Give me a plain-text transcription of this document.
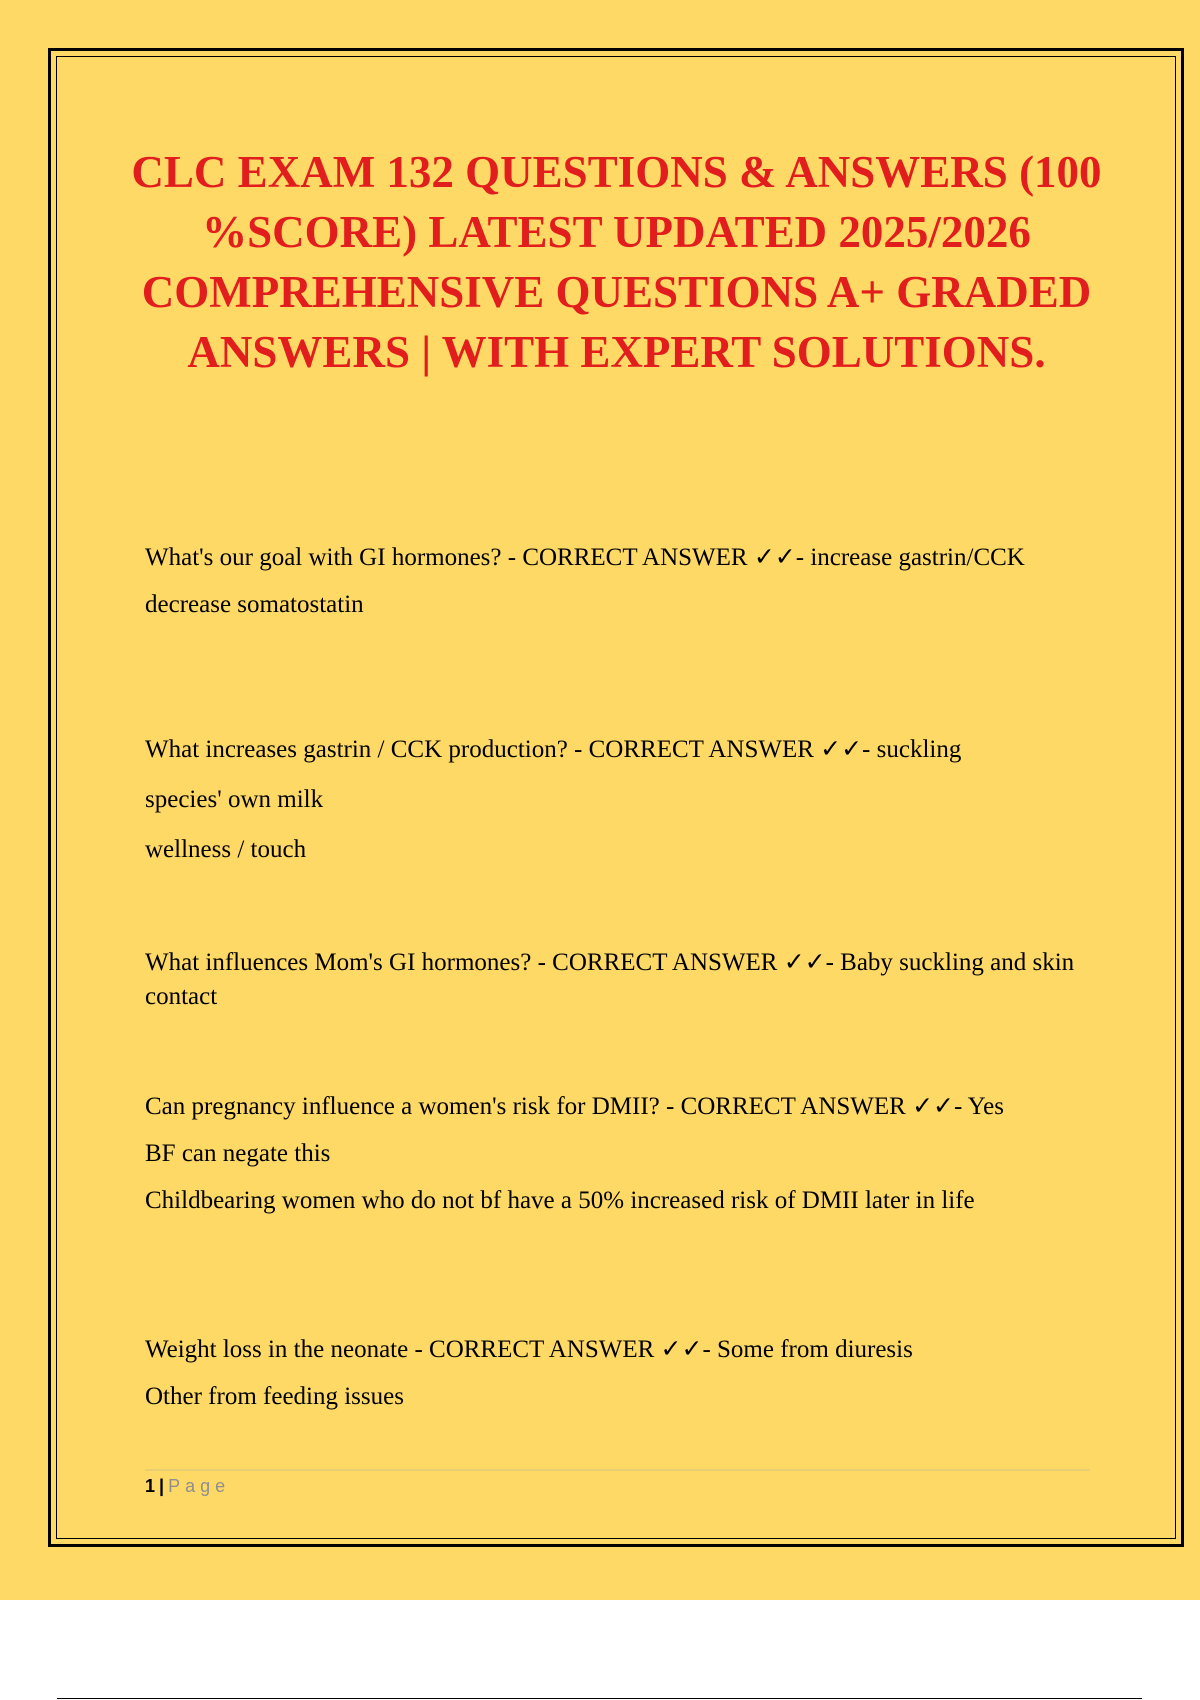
CLC EXAM 132 QUESTIONS & ANSWERS (100 %SCORE) LATEST UPDATED 2025/2026 COMPREHENSIVE QUESTIONS A+ GRADED ANSWERS | WITH EXPERT SOLUTIONS.

What's our goal with GI hormones? - CORRECT ANSWER ✓✓- increase gastrin/CCK

decrease somatostatin

What increases gastrin / CCK production? - CORRECT ANSWER ✓✓- suckling

species' own milk

wellness / touch

What influences Mom's GI hormones? - CORRECT ANSWER ✓✓- Baby suckling and skin contact

Can pregnancy influence a women's risk for DMII? - CORRECT ANSWER ✓✓- Yes

BF can negate this

Childbearing women who do not bf have a 50% increased risk of DMII later in life

Weight loss in the neonate - CORRECT ANSWER ✓✓- Some from diuresis

Other from feeding issues

1 | Page
